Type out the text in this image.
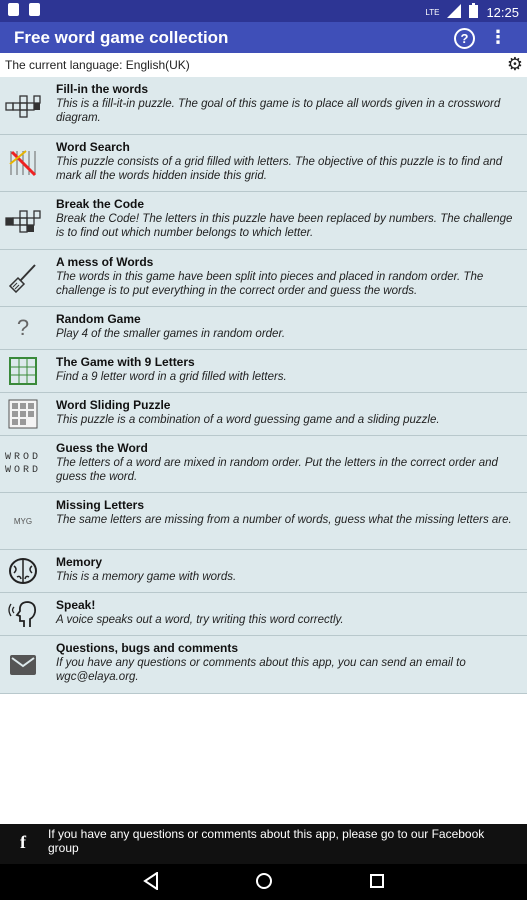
LTE	12:25
Free word game collection	?	⋮
The current language: English(UK)	⚙
Fill-in the words
This is a fill-it-in puzzle. The goal of this game is to place all words given in a crossword diagram.
Word Search
This puzzle consists of a grid filled with letters. The objective of this puzzle is to find and mark all the words hidden inside this grid.
Break the Code
Break the Code! The letters in this puzzle have been replaced by numbers. The challenge is to find out which number belongs to which letter.
A mess of Words
The words in this game have been split into pieces and placed in random order. The challenge is to put everything in the correct order and guess the words.
?	Random Game
Play 4 of the smaller games in random order.
The Game with 9 Letters
Find a 9 letter word in a grid filled with letters.
Word Sliding Puzzle
This puzzle is a combination of a word guessing game and a sliding puzzle.
WROD
WORD
Guess the Word
The letters of a word are mixed in random order. Put the letters in the correct order and guess the word.
MYG
Missing Letters
The same letters are missing from a number of words, guess what the missing letters are.
Memory
This is a memory game with words.
Speak!
A voice speaks out a word, try writing this word correctly.
Questions, bugs and comments
If you have any questions or comments about this app, you can send an email to wgc@elaya.org.
f If you have any questions or comments about this app, please go to our Facebook group
